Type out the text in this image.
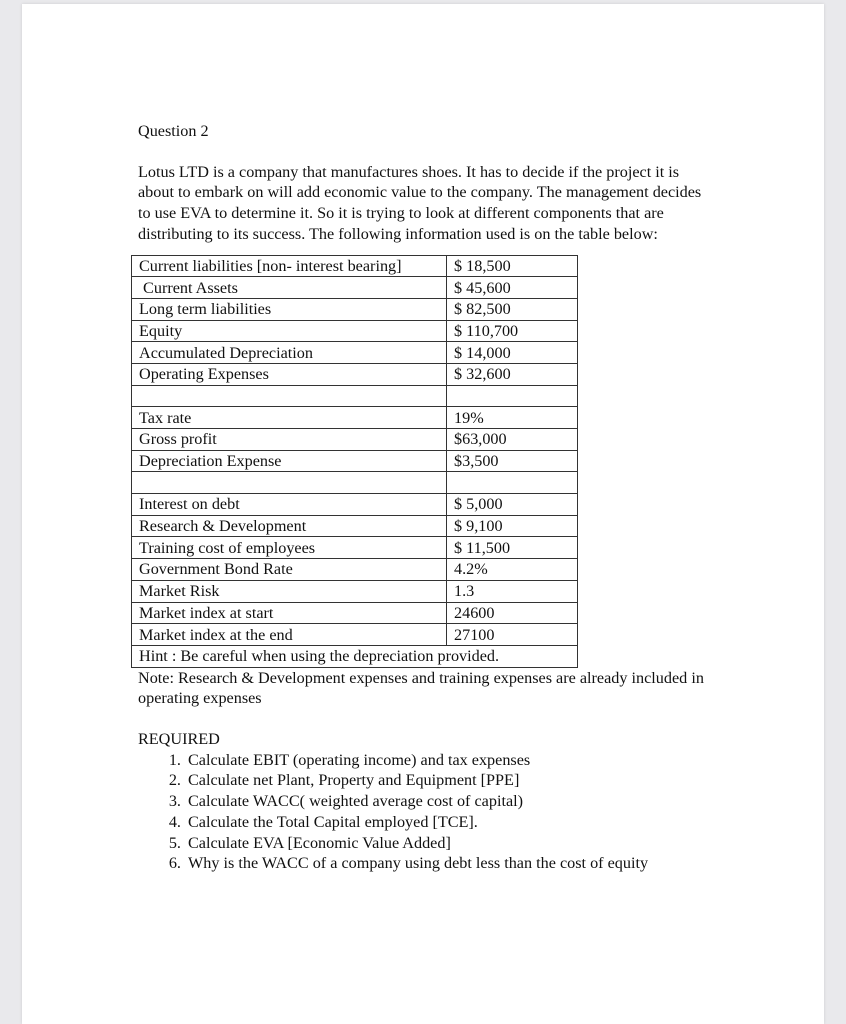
Question 2

Lotus LTD is a company that manufactures shoes. It has to decide if the project it is about to embark on will add economic value to the company. The management decides to use EVA to determine it. So it is trying to look at different components that are distributing to its success. The following information used is on the table below:

Current liabilities [non- interest bearing]	$ 18,500
Current Assets	$ 45,600
Long term liabilities	$ 82,500
Equity	$ 110,700
Accumulated Depreciation	$ 14,000
Operating Expenses	$ 32,600

Tax rate	19%
Gross profit	$63,000
Depreciation Expense	$3,500

Interest on debt	$ 5,000
Research & Development	$ 9,100
Training cost of employees	$ 11,500
Government Bond Rate	4.2%
Market Risk	1.3
Market index at start	24600
Market index at the end	27100
Hint : Be careful when using the depreciation provided.	

Note: Research & Development expenses and training expenses are already included in operating expenses

REQUIRED

1. Calculate EBIT (operating income) and tax expenses
2. Calculate net Plant, Property and Equipment [PPE]
3. Calculate WACC( weighted average cost of capital)
4. Calculate the Total Capital employed [TCE].
5. Calculate EVA [Economic Value Added]
6. Why is the WACC of a company using debt less than the cost of equity
